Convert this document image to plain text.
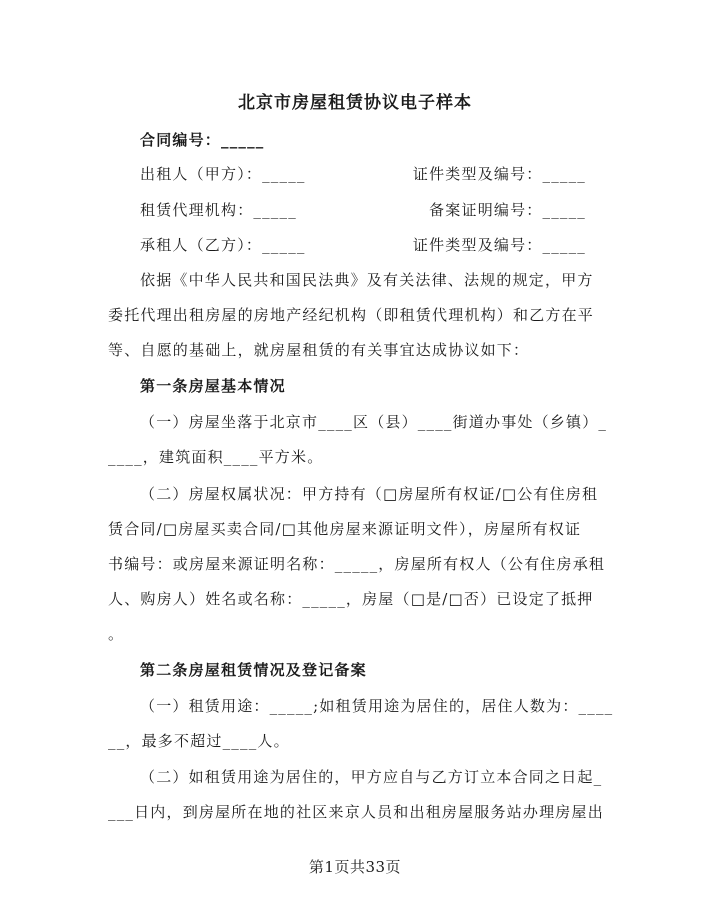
北京市房屋租赁协议电子样本
合同编号：_____
出租人（甲方）：_____	证件类型及编号：_____
租赁代理机构：_____	备案证明编号：_____
承租人（乙方）：_____	证件类型及编号：_____
依据《中华人民共和国民法典》及有关法律、法规的规定，甲方
委托代理出租房屋的房地产经纪机构（即租赁代理机构）和乙方在平
等、自愿的基础上，就房屋租赁的有关事宜达成协议如下：
第一条房屋基本情况
（一）房屋坐落于北京市____区（县）____街道办事处（乡镇）_
____，建筑面积____平方米。
（二）房屋权属状况：甲方持有（□房屋所有权证/□公有住房租
赁合同/□房屋买卖合同/□其他房屋来源证明文件），房屋所有权证
书编号：或房屋来源证明名称：_____，房屋所有权人（公有住房承租
人、购房人）姓名或名称：_____，房屋（□是/□否）已设定了抵押
。
第二条房屋租赁情况及登记备案
（一）租赁用途：_____;如租赁用途为居住的，居住人数为：____
__，最多不超过____人。
（二）如租赁用途为居住的，甲方应自与乙方订立本合同之日起_
___日内，到房屋所在地的社区来京人员和出租房屋服务站办理房屋出
第1页共33页
